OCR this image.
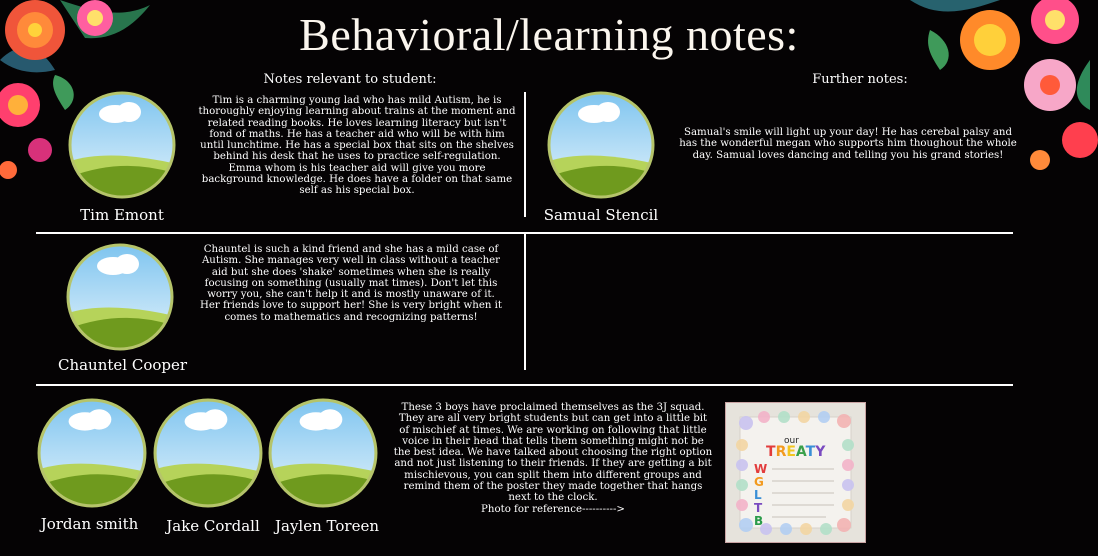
Behavioral/learning notes:
Notes relevant to student:	Further notes:
Tim Emont
Tim is a charming young lad who has mild Autism, he is thoroughly enjoying learning about trains at the moment and related reading books. He loves learning literacy but isn't fond of maths. He has a teacher aid who will be with him until lunchtime. He has a special box that sits on the shelves behind his desk that he uses to practice self-regulation. Emma whom is his teacher aid will give you more background knowledge. He does have a folder on that same self as his special box.
Samual Stencil
Samual's smile will light up your day! He has cerebal palsy and has the wonderful megan who supports him thoughout the whole day. Samual loves dancing and telling you his grand stories!
Chauntel Cooper
Chauntel is such a kind friend and she has a mild case of Autism. She manages very well in class without a teacher aid but she does 'shake' sometimes when she is really focusing on something (usually mat times). Don't let this worry you, she can't help it and is mostly unaware of it. Her friends love to support her! She is very bright when it comes to mathematics and recognizing patterns!
Jordan smith	Jake Cordall	Jaylen Toreen
These 3 boys have proclaimed themselves as the 3J squad. They are all very bright students but can get into a little bit of mischief at times. We are working on following that little voice in their head that tells them something might not be the best idea. We have talked about choosing the right option and not just listening to their friends. If they are getting a bit mischievous, you can split them into different groups and remind them of the poster they made together that hangs next to the clock.
Photo for reference---------->
our
TREATY
W
G
L
T
B
